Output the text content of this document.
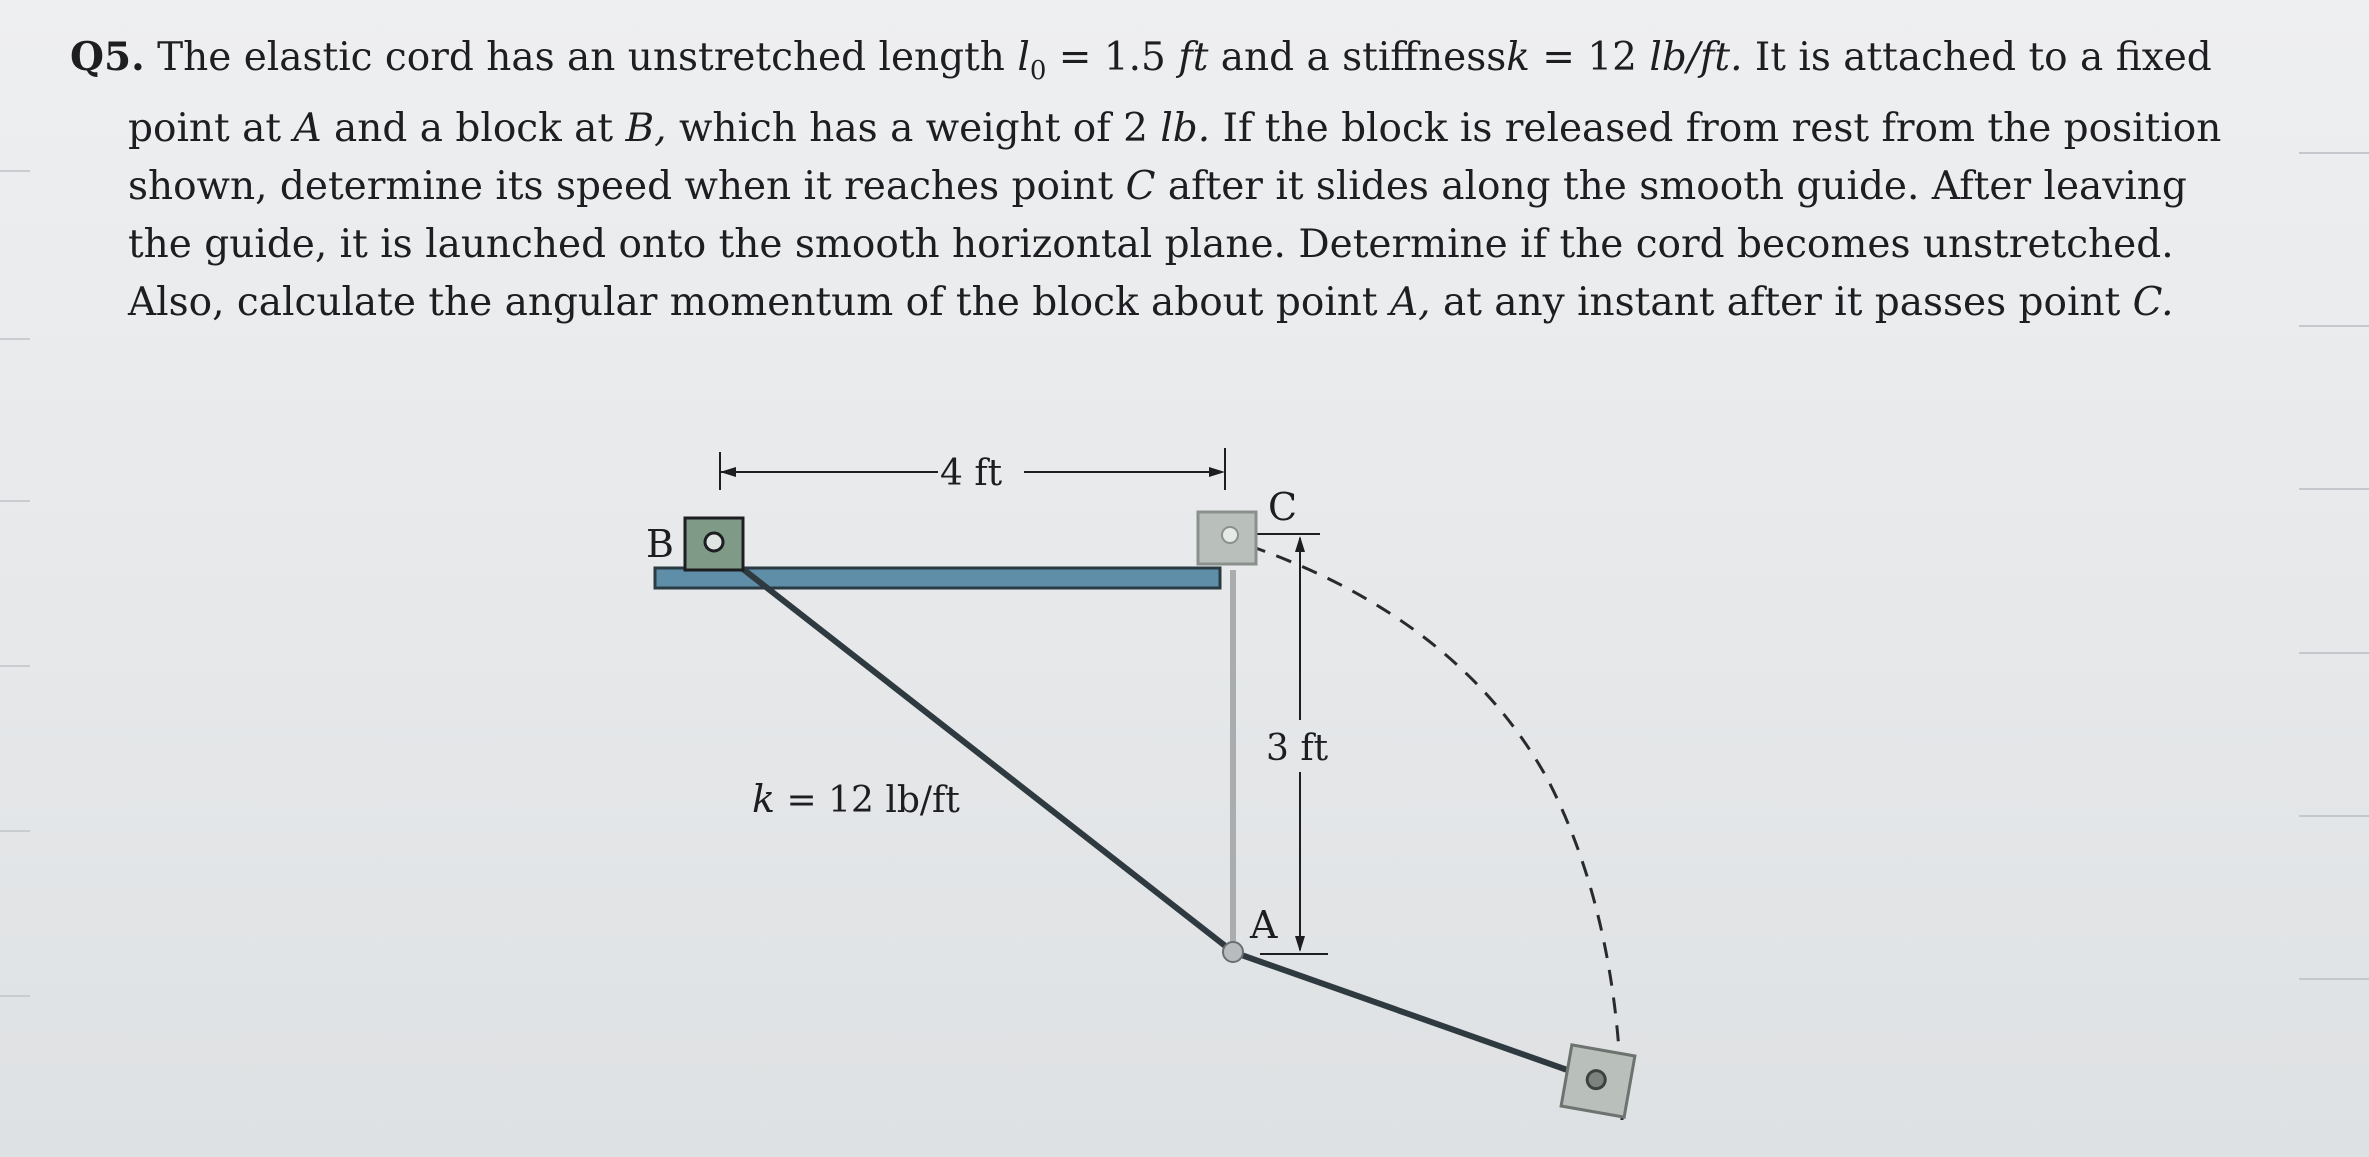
Q5. The elastic cord has an unstretched length $l_0 = 1.5$ ft and a stiffnessk = 12 lb/ft. It is attached to a fixed point at A and a block at B, which has a weight of 2 lb. If the block is released from rest from the position shown, determine its speed when it reaches point C after it slides along the smooth guide. After leaving the guide, it is launched onto the smooth horizontal plane. Determine if the cord becomes unstretched. Also, calculate the angular momentum of the block about point A, at any instant after it passes point C.

4 ft
3 ft
B
C
A
k = 12 lb/ft
